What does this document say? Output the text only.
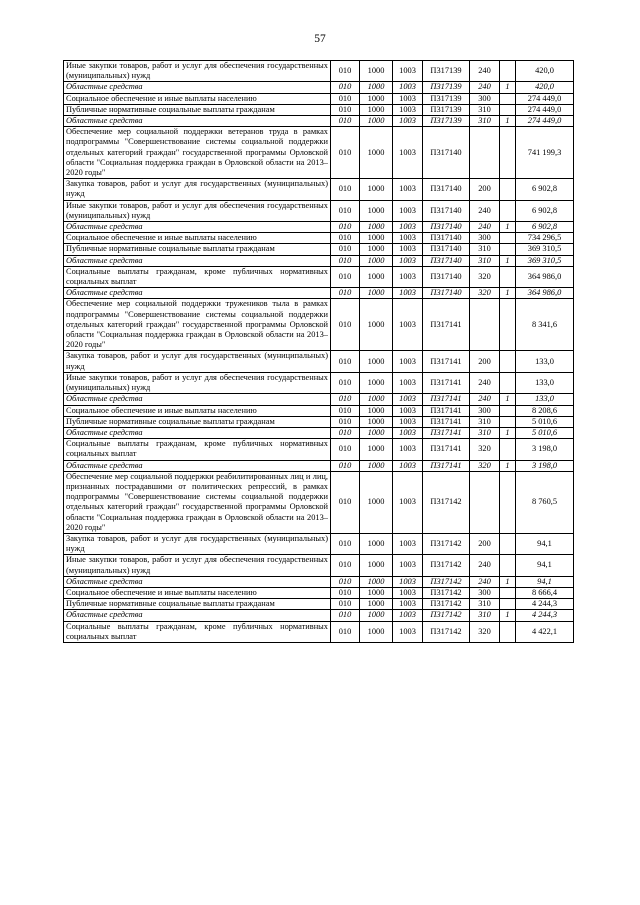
57
Иные закупки товаров, работ и услуг для обеспечения государственных (муниципальных) нужд	010	1000	1003	П317139	240		420,0
Областные средства	010	1000	1003	П317139	240	1	420,0
Социальное обеспечение и иные выплаты населению	010	1000	1003	П317139	300		274 449,0
Публичные нормативные социальные выплаты гражданам	010	1000	1003	П317139	310		274 449,0
Областные средства	010	1000	1003	П317139	310	1	274 449,0
Обеспечение мер социальной поддержки ветеранов труда в рамках подпрограммы "Совершенствование системы социальной поддержки отдельных категорий граждан" государственной программы Орловской области "Социальная поддержка граждан в Орловской области на 2013–2020 годы"	010	1000	1003	П317140			741 199,3
Закупка товаров, работ и услуг для государственных (муниципальных) нужд	010	1000	1003	П317140	200		6 902,8
Иные закупки товаров, работ и услуг для обеспечения государственных (муниципальных) нужд	010	1000	1003	П317140	240		6 902,8
Областные средства	010	1000	1003	П317140	240	1	6 902,8
Социальное обеспечение и иные выплаты населению	010	1000	1003	П317140	300		734 296,5
Публичные нормативные социальные выплаты гражданам	010	1000	1003	П317140	310		369 310,5
Областные средства	010	1000	1003	П317140	310	1	369 310,5
Социальные выплаты гражданам, кроме публичных нормативных социальных выплат	010	1000	1003	П317140	320		364 986,0
Областные средства	010	1000	1003	П317140	320	1	364 986,0
Обеспечение мер социальной поддержки тружеников тыла в рамках подпрограммы "Совершенствование системы социальной поддержки отдельных категорий граждан" государственной программы Орловской области "Социальная поддержка граждан в Орловской области на 2013–2020 годы"	010	1000	1003	П317141			8 341,6
Закупка товаров, работ и услуг для государственных (муниципальных) нужд	010	1000	1003	П317141	200		133,0
Иные закупки товаров, работ и услуг для обеспечения государственных (муниципальных) нужд	010	1000	1003	П317141	240		133,0
Областные средства	010	1000	1003	П317141	240	1	133,0
Социальное обеспечение и иные выплаты населению	010	1000	1003	П317141	300		8 208,6
Публичные нормативные социальные выплаты гражданам	010	1000	1003	П317141	310		5 010,6
Областные средства	010	1000	1003	П317141	310	1	5 010,6
Социальные выплаты гражданам, кроме публичных нормативных социальных выплат	010	1000	1003	П317141	320		3 198,0
Областные средства	010	1000	1003	П317141	320	1	3 198,0
Обеспечение мер социальной поддержки реабилитированных лиц и лиц, признанных пострадавшими от политических репрессий, в рамках подпрограммы "Совершенствование системы социальной поддержки отдельных категорий граждан" государственной программы Орловской области "Социальная поддержка граждан в Орловской области на 2013–2020 годы"	010	1000	1003	П317142			8 760,5
Закупка товаров, работ и услуг для государственных (муниципальных) нужд	010	1000	1003	П317142	200		94,1
Иные закупки товаров, работ и услуг для обеспечения государственных (муниципальных) нужд	010	1000	1003	П317142	240		94,1
Областные средства	010	1000	1003	П317142	240	1	94,1
Социальное обеспечение и иные выплаты населению	010	1000	1003	П317142	300		8 666,4
Публичные нормативные социальные выплаты гражданам	010	1000	1003	П317142	310		4 244,3
Областные средства	010	1000	1003	П317142	310	1	4 244,3
Социальные выплаты гражданам, кроме публичных нормативных социальных выплат	010	1000	1003	П317142	320		4 422,1
